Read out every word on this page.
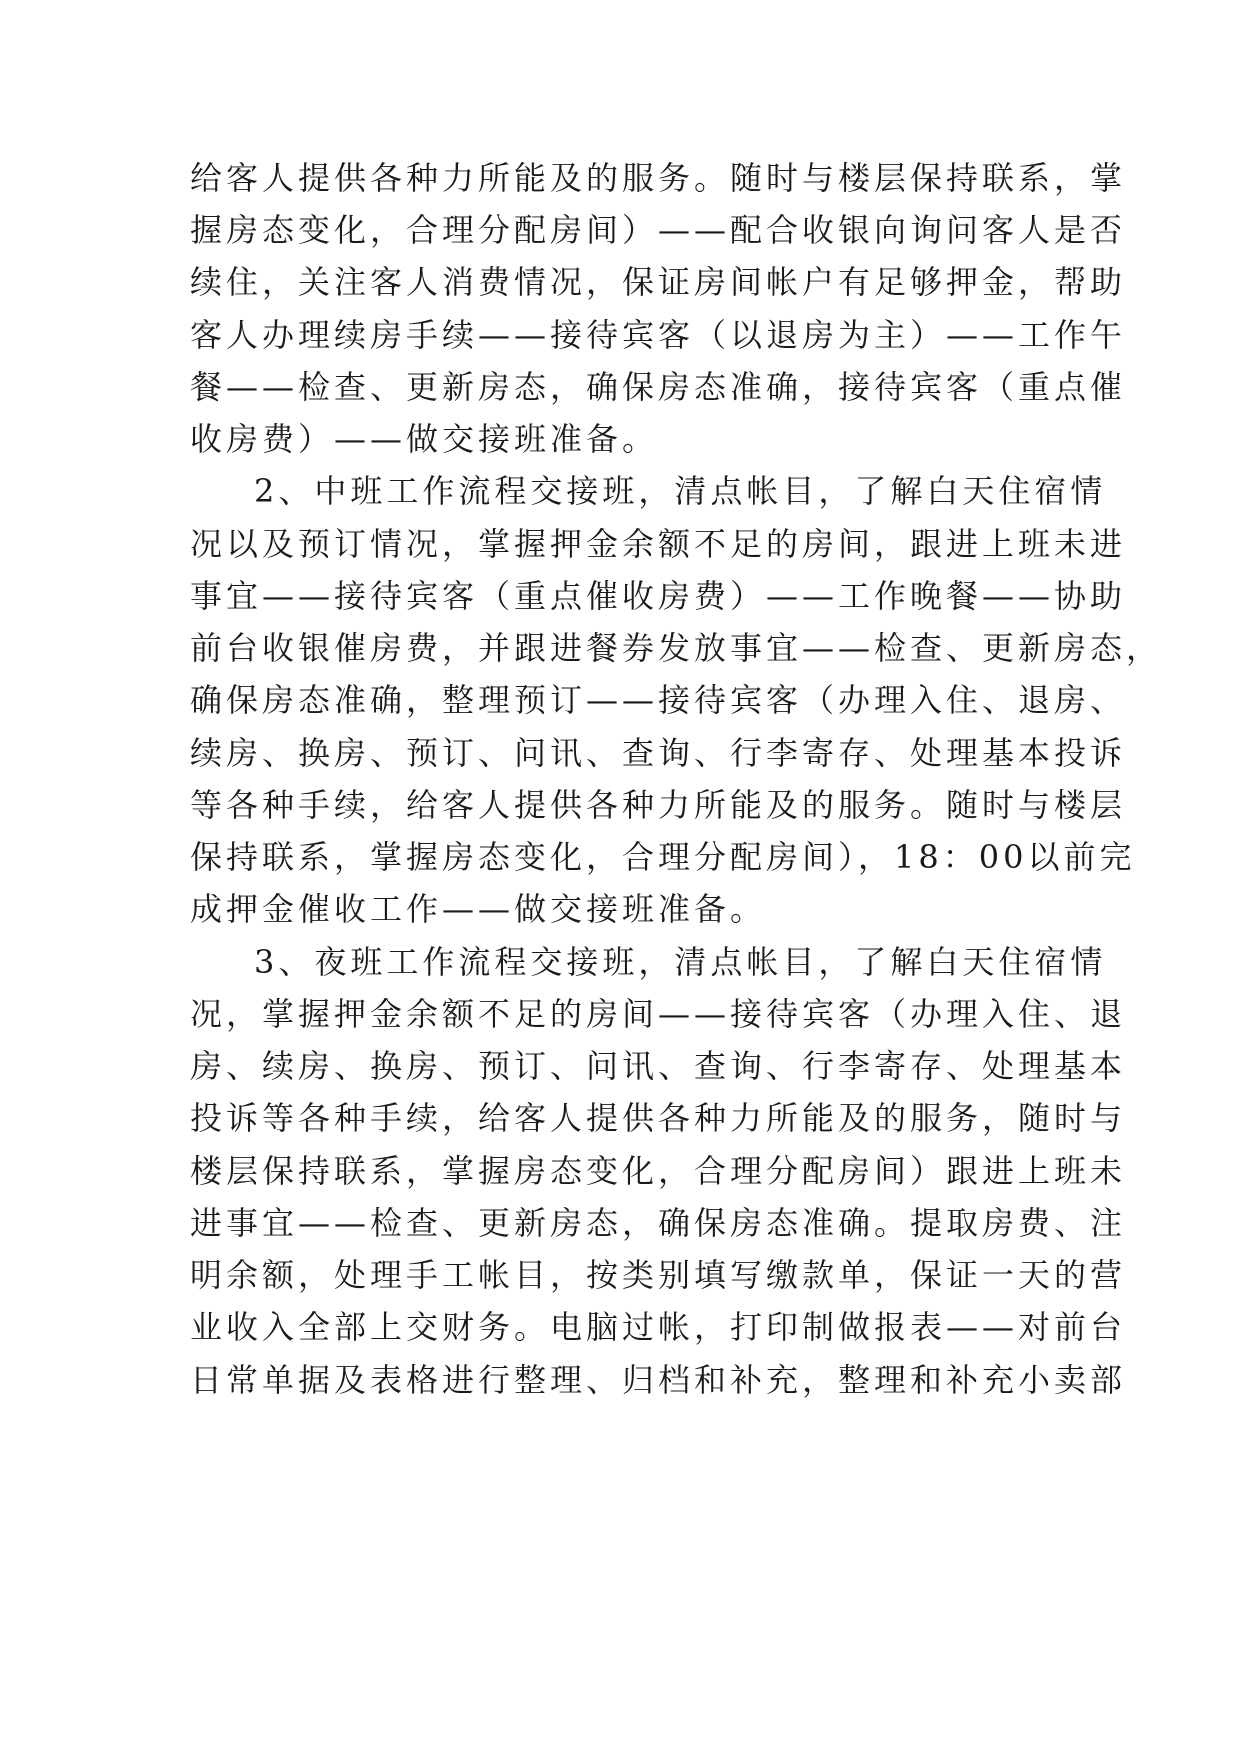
给客人提供各种力所能及的服务。随时与楼层保持联系，掌
握房态变化，合理分配房间）——配合收银向询问客人是否
续住，关注客人消费情况，保证房间帐户有足够押金，帮助
客人办理续房手续——接待宾客（以退房为主）——工作午
餐——检查、更新房态，确保房态准确，接待宾客（重点催
收房费）——做交接班准备。
2、中班工作流程交接班，清点帐目，了解白天住宿情
况以及预订情况，掌握押金余额不足的房间，跟进上班未进
事宜——接待宾客（重点催收房费）——工作晚餐——协助
前台收银催房费，并跟进餐券发放事宜——检查、更新房态，
确保房态准确，整理预订——接待宾客（办理入住、退房、
续房、换房、预订、问讯、查询、行李寄存、处理基本投诉
等各种手续，给客人提供各种力所能及的服务。随时与楼层
保持联系，掌握房态变化，合理分配房间），18：00以前完
成押金催收工作——做交接班准备。
3、夜班工作流程交接班，清点帐目，了解白天住宿情
况，掌握押金余额不足的房间——接待宾客（办理入住、退
房、续房、换房、预订、问讯、查询、行李寄存、处理基本
投诉等各种手续，给客人提供各种力所能及的服务，随时与
楼层保持联系，掌握房态变化，合理分配房间）跟进上班未
进事宜——检查、更新房态，确保房态准确。提取房费、注
明余额，处理手工帐目，按类别填写缴款单，保证一天的营
业收入全部上交财务。电脑过帐，打印制做报表——对前台
日常单据及表格进行整理、归档和补充，整理和补充小卖部
